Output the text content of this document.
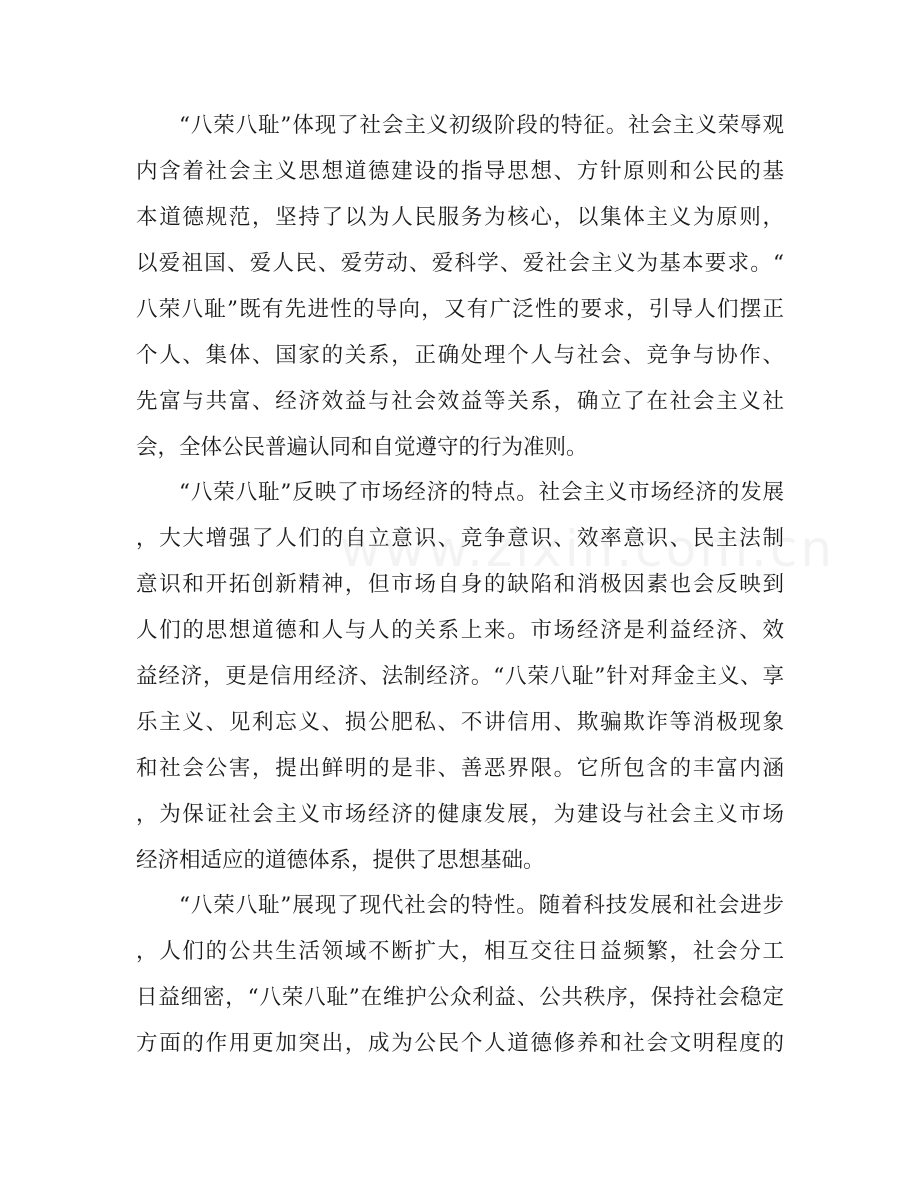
“八荣八耻”体现了社会主义初级阶段的特征。社会主义荣辱观
内含着社会主义思想道德建设的指导思想、方针原则和公民的基
本道德规范，坚持了以为人民服务为核心，以集体主义为原则，
以爱祖国、爱人民、爱劳动、爱科学、爱社会主义为基本要求。“
八荣八耻”既有先进性的导向，又有广泛性的要求，引导人们摆正
个人、集体、国家的关系，正确处理个人与社会、竞争与协作、
先富与共富、经济效益与社会效益等关系，确立了在社会主义社
会，全体公民普遍认同和自觉遵守的行为准则。
“八荣八耻”反映了市场经济的特点。社会主义市场经济的发展
，大大增强了人们的自立意识、竞争意识、效率意识、民主法制
意识和开拓创新精神，但市场自身的缺陷和消极因素也会反映到
人们的思想道德和人与人的关系上来。市场经济是利益经济、效
益经济，更是信用经济、法制经济。“八荣八耻”针对拜金主义、享
乐主义、见利忘义、损公肥私、不讲信用、欺骗欺诈等消极现象
和社会公害，提出鲜明的是非、善恶界限。它所包含的丰富内涵
，为保证社会主义市场经济的健康发展，为建设与社会主义市场
经济相适应的道德体系，提供了思想基础。
“八荣八耻”展现了现代社会的特性。随着科技发展和社会进步
，人们的公共生活领域不断扩大，相互交往日益频繁，社会分工
日益细密，“八荣八耻”在维护公众利益、公共秩序，保持社会稳定
方面的作用更加突出，成为公民个人道德修养和社会文明程度的
